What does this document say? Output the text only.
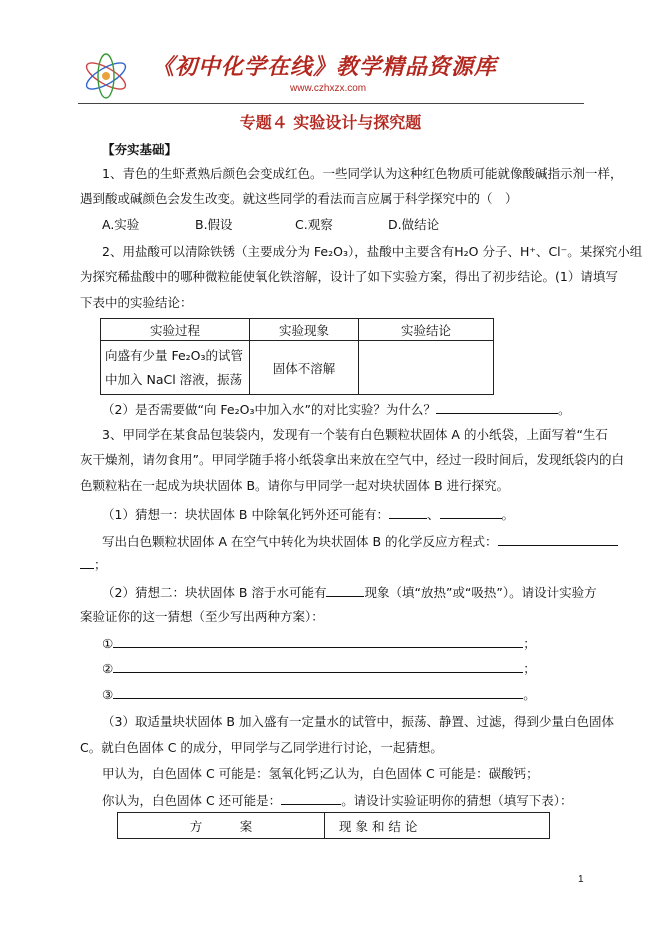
《初中化学在线》教学精品资源库
www.czhxzx.com
专题４ 实验设计与探究题
【夯实基础】
1、青色的生虾煮熟后颜色会变成红色。一些同学认为这种红色物质可能就像酸碱指示剂一样，
遇到酸或碱颜色会发生改变。就这些同学的看法而言应属于科学探究中的（　）
A.实验	B.假设	C.观察	D.做结论
2、用盐酸可以清除铁锈（主要成分为 Fe₂O₃），盐酸中主要含有H₂O 分子、H⁺、Cl⁻。某探究小组
为探究稀盐酸中的哪种微粒能使氧化铁溶解，设计了如下实验方案，得出了初步结论。(1）请填写
下表中的实验结论：
实验过程	实验现象	实验结论

向盛有少量 Fe₂O₃的试管
中加入 NaCl 溶液，振荡	固体不溶解	
（2）是否需要做“向 Fe₂O₃中加入水”的对比实验？为什么？	。
3、甲同学在某食品包装袋内，发现有一个装有白色颗粒状固体 A 的小纸袋，上面写着“生石
灰干燥剂，请勿食用”。甲同学随手将小纸袋拿出来放在空气中，经过一段时间后，发现纸袋内的白
色颗粒粘在一起成为块状固体 B。请你与甲同学一起对块状固体 B 进行探究。
（1）猜想一：块状固体 B 中除氧化钙外还可能有：	、	。
写出白色颗粒状固体 A 在空气中转化为块状固体 B 的化学反应方程式：
；
（2）猜想二：块状固体 B 溶于水可能有	现象（填“放热”或“吸热”）。请设计实验方
案验证你的这一猜想（至少写出两种方案）：
①	；
②	；
③	。
（3）取适量块状固体 B 加入盛有一定量水的试管中，振荡、静置、过滤，得到少量白色固体
C。就白色固体 C 的成分，甲同学与乙同学进行讨论，一起猜想。
甲认为，白色固体 C 可能是：氢氧化钙；
乙认为，白色固体 C 可能是：碳酸钙；
你认为，白色固体 C 还可能是：	。请设计实验证明你的猜想（填写下表）：
方　　　案	现 象 和 结 论
1
